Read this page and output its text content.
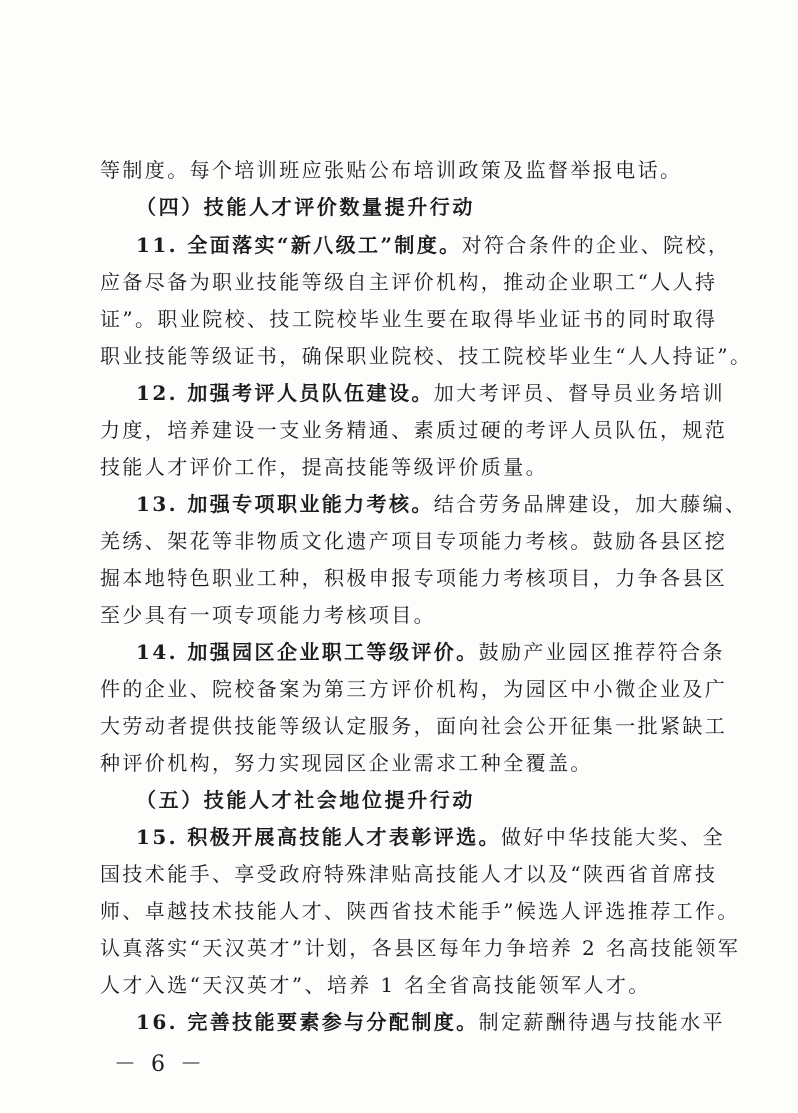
等制度。每个培训班应张贴公布培训政策及监督举报电话。
（四）技能人才评价数量提升行动
11. 全面落实“新八级工”制度。对符合条件的企业、院校，
应备尽备为职业技能等级自主评价机构，推动企业职工“人人持
证”。职业院校、技工院校毕业生要在取得毕业证书的同时取得
职业技能等级证书，确保职业院校、技工院校毕业生“人人持证”。
12. 加强考评人员队伍建设。加大考评员、督导员业务培训
力度，培养建设一支业务精通、素质过硬的考评人员队伍，规范
技能人才评价工作，提高技能等级评价质量。
13. 加强专项职业能力考核。结合劳务品牌建设，加大藤编、
羌绣、架花等非物质文化遗产项目专项能力考核。鼓励各县区挖
掘本地特色职业工种，积极申报专项能力考核项目，力争各县区
至少具有一项专项能力考核项目。
14. 加强园区企业职工等级评价。鼓励产业园区推荐符合条
件的企业、院校备案为第三方评价机构，为园区中小微企业及广
大劳动者提供技能等级认定服务，面向社会公开征集一批紧缺工
种评价机构，努力实现园区企业需求工种全覆盖。
（五）技能人才社会地位提升行动
15. 积极开展高技能人才表彰评选。做好中华技能大奖、全
国技术能手、享受政府特殊津贴高技能人才以及“陕西省首席技
师、卓越技术技能人才、陕西省技术能手”候选人评选推荐工作。
认真落实“天汉英才”计划，各县区每年力争培养 2 名高技能领军
人才入选“天汉英才”、培养 1 名全省高技能领军人才。
16. 完善技能要素参与分配制度。制定薪酬待遇与技能水平
－ 6 －
